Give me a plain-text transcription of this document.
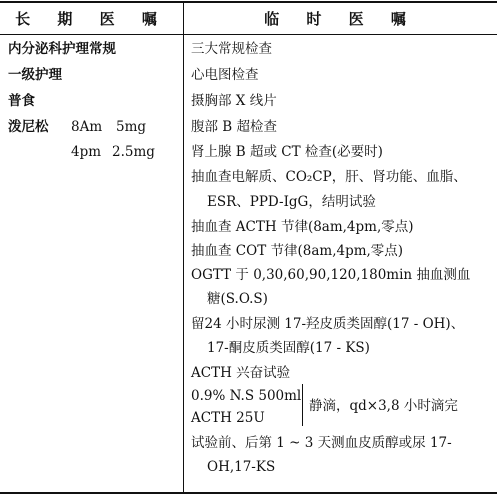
长 期 医 嘱	临 时 医 嘱
内分泌科护理常规
一级护理
普食
泼尼松 8Am 5mg
4pm 2.5mg
三大常规检查
心电图检查
摄胸部 X 线片
腹部 B 超检查
肾上腺 B 超或 CT 检查(必要时)
抽血查电解质、CO₂CP，肝、肾功能、血脂、
ESR、PPD-IgG，结明试验
抽血查 ACTH 节律(8am,4pm,零点)
抽血查 COT 节律(8am,4pm,零点)
OGTT 于 0,30,60,90,120,180min 抽血测血
糖(S.O.S)
留24 小时尿测 17-羟皮质类固醇(17 - OH)、
17-酮皮质类固醇(17 - KS)
ACTH 兴奋试验
0.9% N.S 500ml
ACTH 25U
静滴，qd×3,8 小时滴完
试验前、后第 1 ~ 3 天测血皮质醇或尿 17-
OH,17-KS
